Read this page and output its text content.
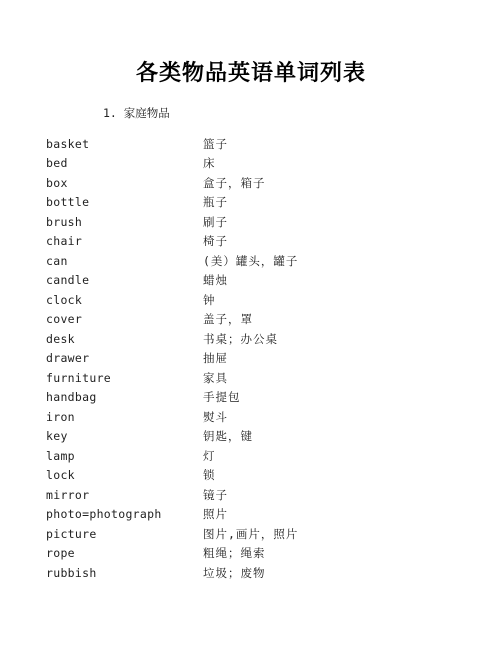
各类物品英语单词列表
1. 家庭物品
basket	篮子
bed	床
box	盒子，箱子
bottle	瓶子
brush	刷子
chair	椅子
can	(美）罐头，罐子
candle	蜡烛
clock	钟
cover	盖子，罩
desk	书桌；办公桌
drawer	抽屉
furniture	家具
handbag	手提包
iron	熨斗
key	钥匙，键
lamp	灯
lock	锁
mirror	镜子
photo=photograph	照片
picture	图片,画片，照片
rope	粗绳；绳索
rubbish	垃圾；废物
